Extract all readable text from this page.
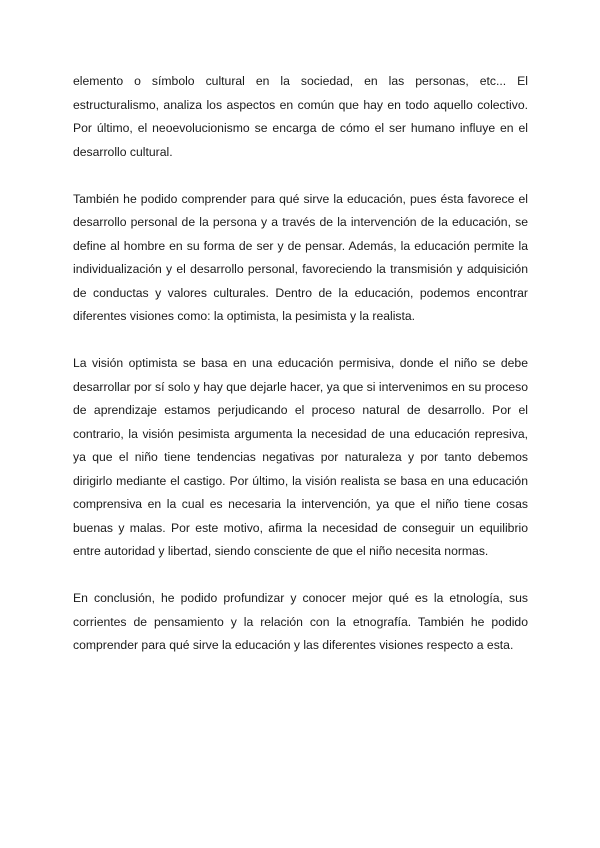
elemento o símbolo cultural en la sociedad, en las personas, etc... El estructuralismo, analiza los aspectos en común que hay en todo aquello colectivo. Por último, el neoevolucionismo se encarga de cómo el ser humano influye en el desarrollo cultural.

También he podido comprender para qué sirve la educación, pues ésta favorece el desarrollo personal de la persona y a través de la intervención de la educación, se define al hombre en su forma de ser y de pensar. Además, la educación permite la individualización y el desarrollo personal, favoreciendo la transmisión y adquisición de conductas y valores culturales. Dentro de la educación, podemos encontrar diferentes visiones como: la optimista, la pesimista y la realista.

La visión optimista se basa en una educación permisiva, donde el niño se debe desarrollar por sí solo y hay que dejarle hacer, ya que si intervenimos en su proceso de aprendizaje estamos perjudicando el proceso natural de desarrollo. Por el contrario, la visión pesimista argumenta la necesidad de una educación represiva, ya que el niño tiene tendencias negativas por naturaleza y por tanto debemos dirigirlo mediante el castigo. Por último, la visión realista se basa en una educación comprensiva en la cual es necesaria la intervención, ya que el niño tiene cosas buenas y malas. Por este motivo, afirma la necesidad de conseguir un equilibrio entre autoridad y libertad, siendo consciente de que el niño necesita normas.

En conclusión, he podido profundizar y conocer mejor qué es la etnología, sus corrientes de pensamiento y la relación con la etnografía. También he podido comprender para qué sirve la educación y las diferentes visiones respecto a esta.
